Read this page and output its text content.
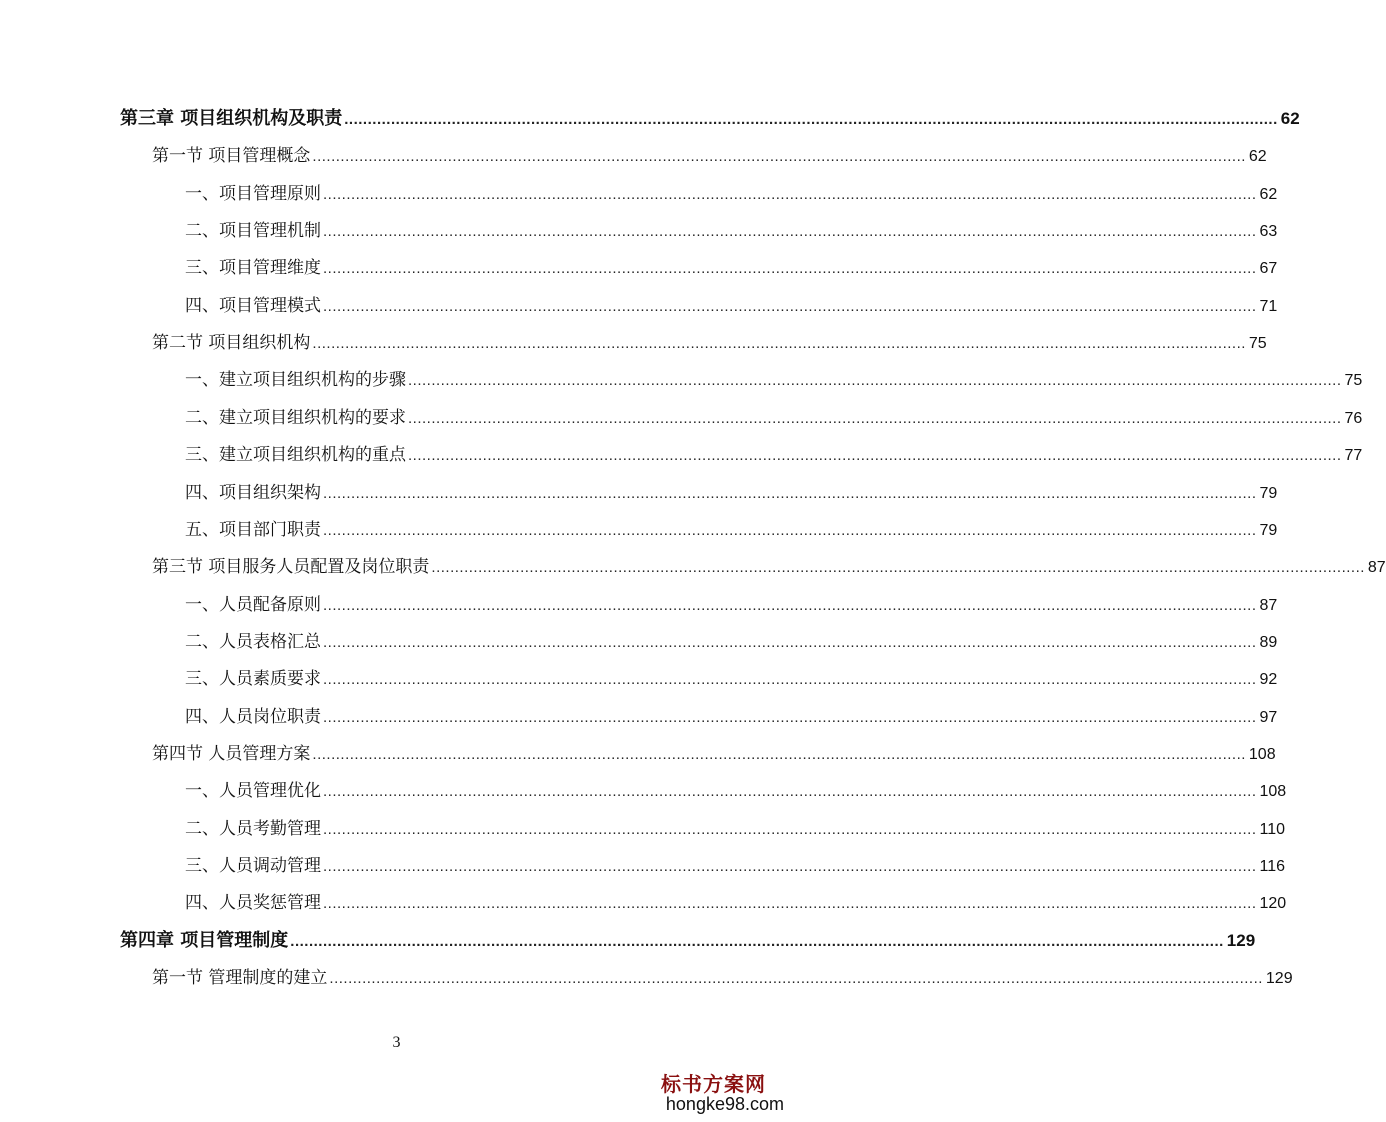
第三章 项目组织机构及职责 ........................................................................................................................................................................................................ 62
第一节 项目管理概念 ........................................................................................................................................................................................................ 62
一、项目管理原则 ........................................................................................................................................................................................................ 62
二、项目管理机制 ........................................................................................................................................................................................................ 63
三、项目管理维度 ........................................................................................................................................................................................................ 67
四、项目管理模式 ........................................................................................................................................................................................................ 71
第二节 项目组织机构 ........................................................................................................................................................................................................ 75
一、建立项目组织机构的步骤 ........................................................................................................................................................................................................ 75
二、建立项目组织机构的要求 ........................................................................................................................................................................................................ 76
三、建立项目组织机构的重点 ........................................................................................................................................................................................................ 77
四、项目组织架构 ........................................................................................................................................................................................................ 79
五、项目部门职责 ........................................................................................................................................................................................................ 79
第三节 项目服务人员配置及岗位职责 ........................................................................................................................................................................................................ 87
一、人员配备原则 ........................................................................................................................................................................................................ 87
二、人员表格汇总 ........................................................................................................................................................................................................ 89
三、人员素质要求 ........................................................................................................................................................................................................ 92
四、人员岗位职责 ........................................................................................................................................................................................................ 97
第四节 人员管理方案 ........................................................................................................................................................................................................ 108
一、人员管理优化 ........................................................................................................................................................................................................ 108
二、人员考勤管理 ........................................................................................................................................................................................................ 110
三、人员调动管理 ........................................................................................................................................................................................................ 116
四、人员奖惩管理 ........................................................................................................................................................................................................ 120
第四章 项目管理制度 ........................................................................................................................................................................................................ 129
第一节 管理制度的建立 ........................................................................................................................................................................................................ 129
3
标书方案网
hongke98.com
